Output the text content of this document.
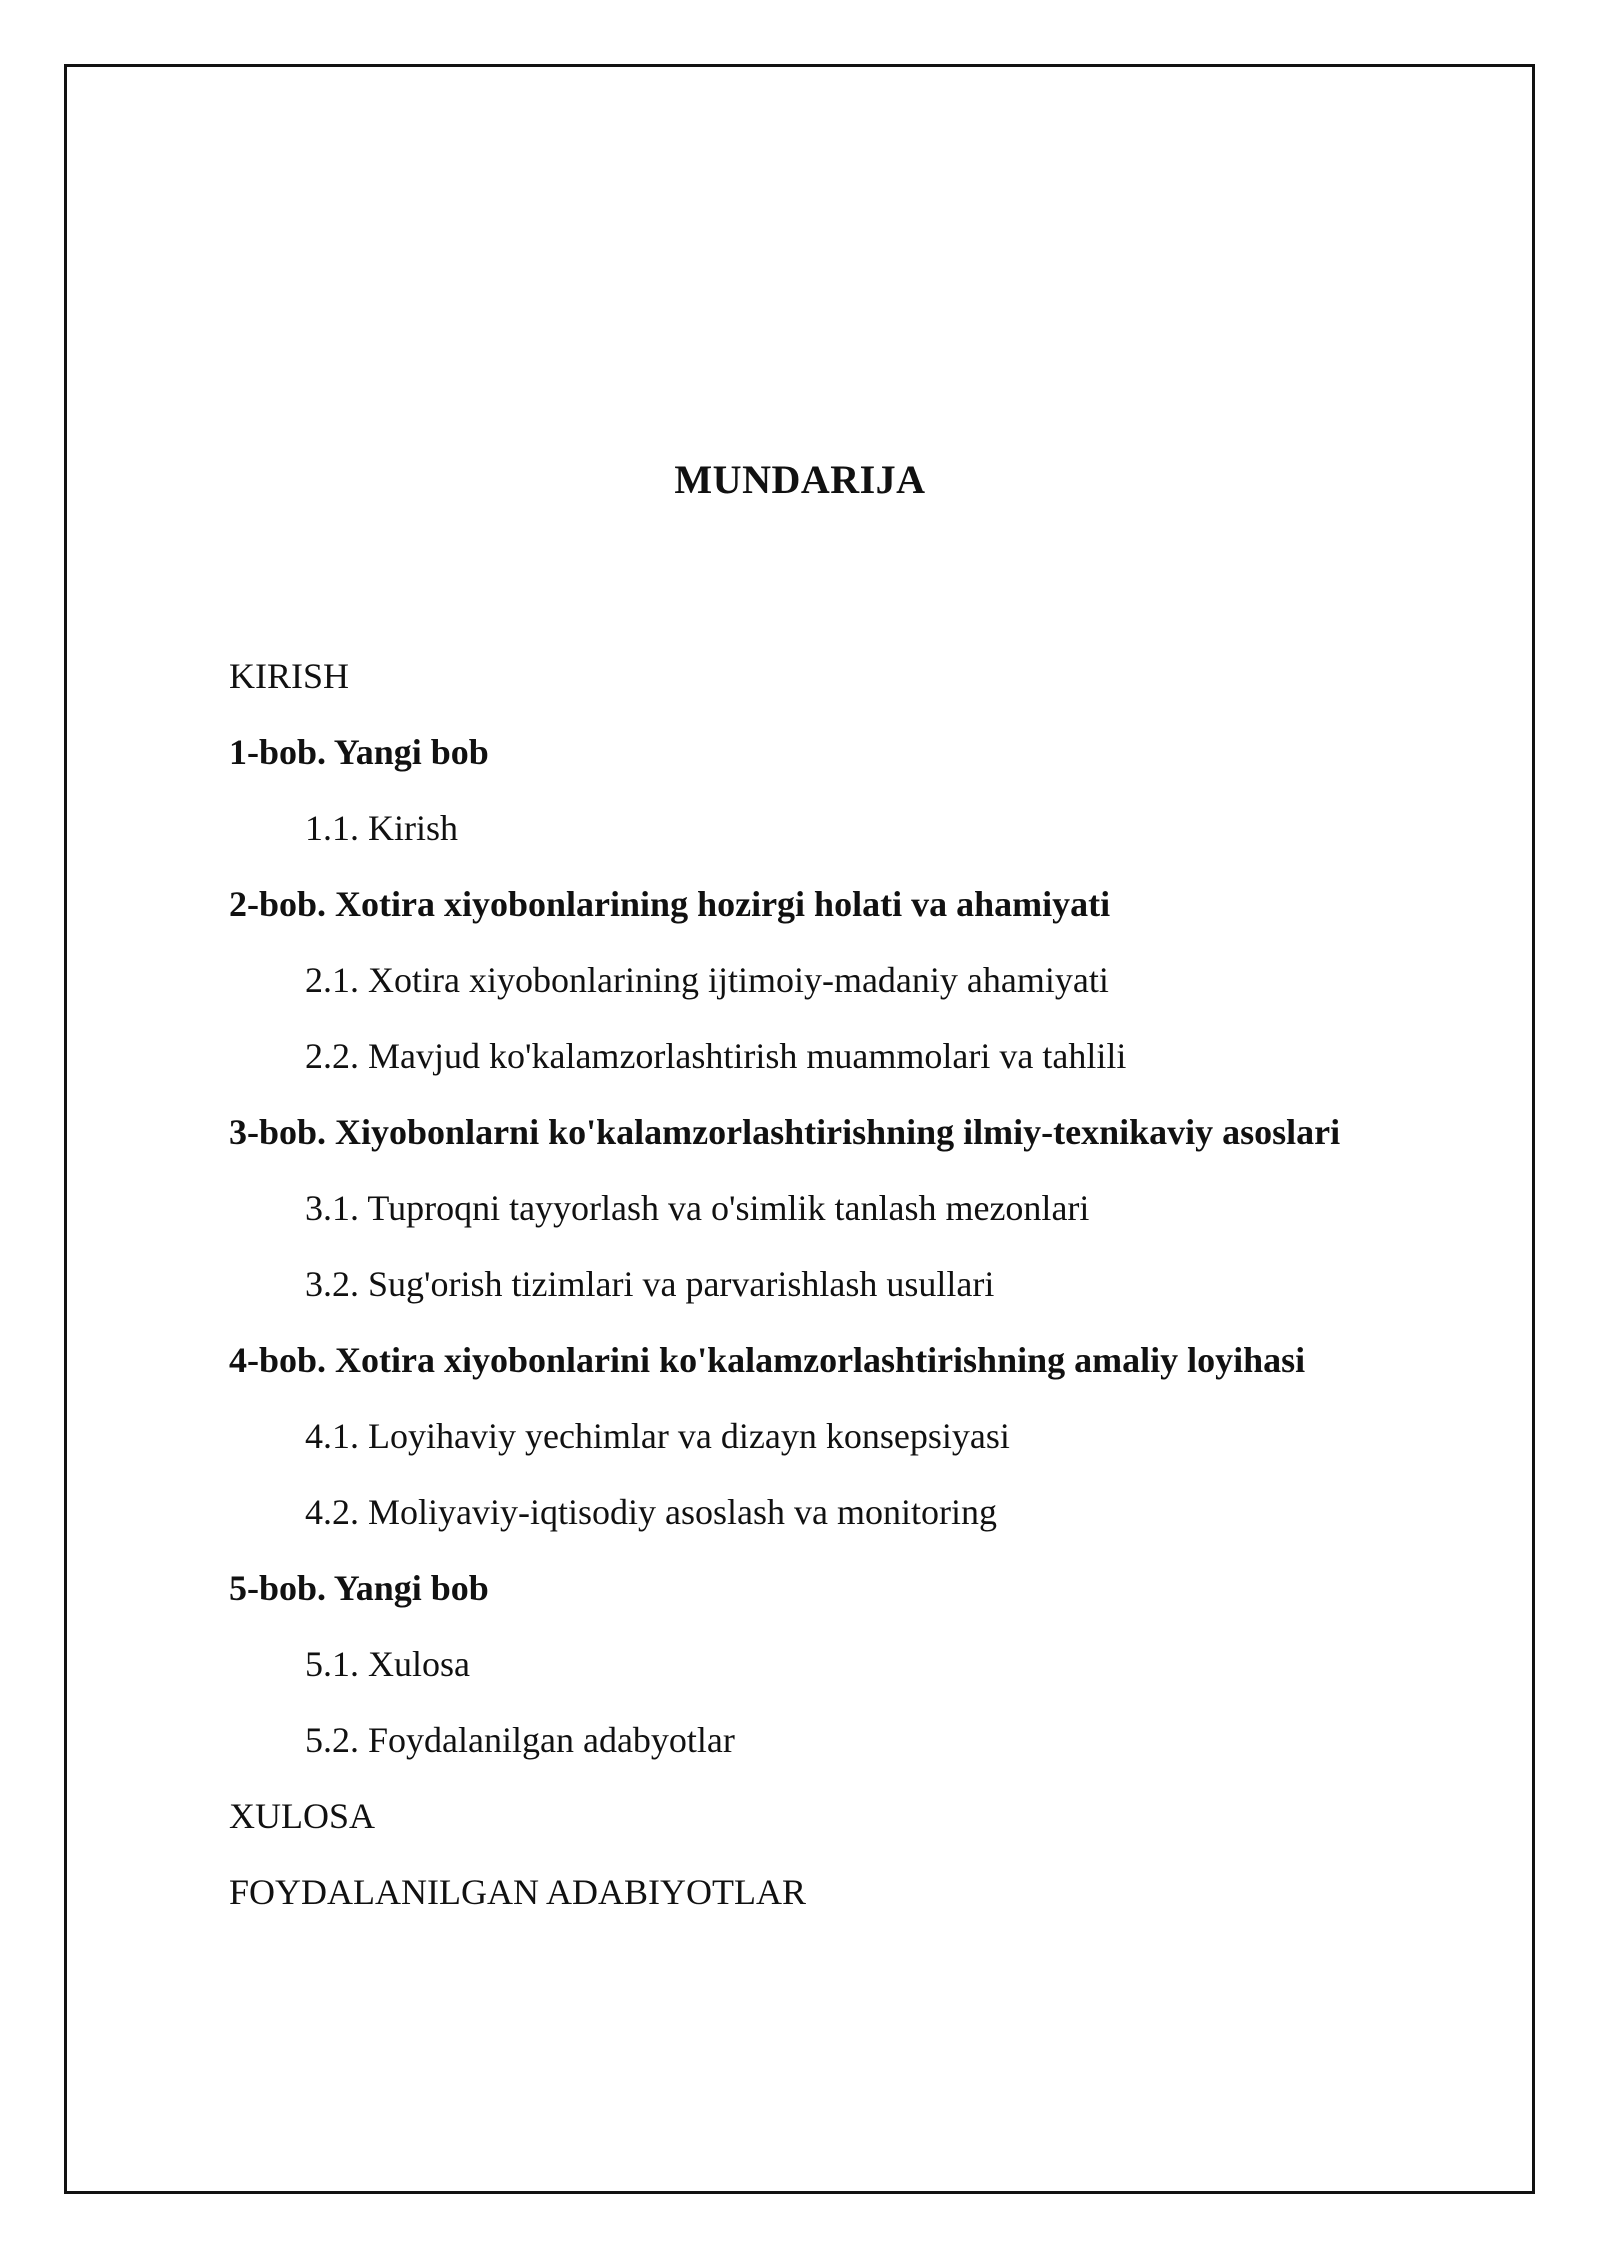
MUNDARIJA
KIRISH
1-bob. Yangi bob
1.1. Kirish
2-bob. Xotira xiyobonlarining hozirgi holati va ahamiyati
2.1. Xotira xiyobonlarining ijtimoiy-madaniy ahamiyati
2.2. Mavjud ko'kalamzorlashtirish muammolari va tahlili
3-bob. Xiyobonlarni ko'kalamzorlashtirishning ilmiy-texnikaviy asoslari
3.1. Tuproqni tayyorlash va o'simlik tanlash mezonlari
3.2. Sug'orish tizimlari va parvarishlash usullari
4-bob. Xotira xiyobonlarini ko'kalamzorlashtirishning amaliy loyihasi
4.1. Loyihaviy yechimlar va dizayn konsepsiyasi
4.2. Moliyaviy-iqtisodiy asoslash va monitoring
5-bob. Yangi bob
5.1. Xulosa
5.2. Foydalanilgan adabyotlar
XULOSA
FOYDALANILGAN ADABIYOTLAR
